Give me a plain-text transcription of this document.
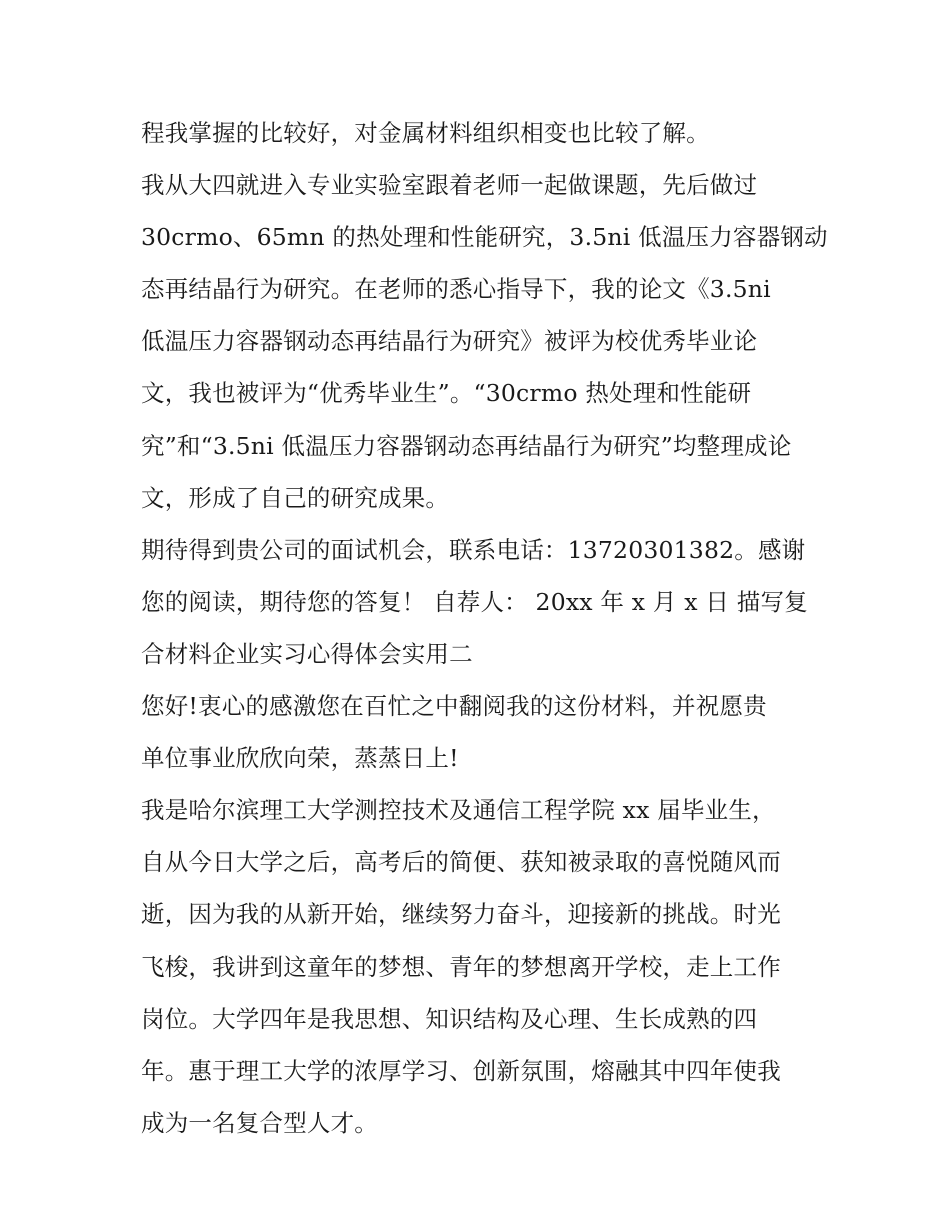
程我掌握的比较好，对金属材料组织相变也比较了解。
我从大四就进入专业实验室跟着老师一起做课题，先后做过
30crmo、65mn 的热处理和性能研究，3.5ni 低温压力容器钢动
态再结晶行为研究。在老师的悉心指导下，我的论文《3.5ni
低温压力容器钢动态再结晶行为研究》被评为校优秀毕业论
文，我也被评为“优秀毕业生”。“30crmo 热处理和性能研
究”和“3.5ni 低温压力容器钢动态再结晶行为研究”均整理成论
文，形成了自己的研究成果。
期待得到贵公司的面试机会，联系电话：13720301382。感谢
您的阅读，期待您的答复！ 自荐人： 20xx 年 x 月 x 日 描写复
合材料企业实习心得体会实用二
您好!衷心的感激您在百忙之中翻阅我的这份材料，并祝愿贵
单位事业欣欣向荣，蒸蒸日上!
我是哈尔滨理工大学测控技术及通信工程学院 xx 届毕业生，
自从今日大学之后，高考后的简便、获知被录取的喜悦随风而
逝，因为我的从新开始，继续努力奋斗，迎接新的挑战。时光
飞梭，我讲到这童年的梦想、青年的梦想离开学校，走上工作
岗位。大学四年是我思想、知识结构及心理、生长成熟的四
年。惠于理工大学的浓厚学习、创新氛围，熔融其中四年使我
成为一名复合型人才。
